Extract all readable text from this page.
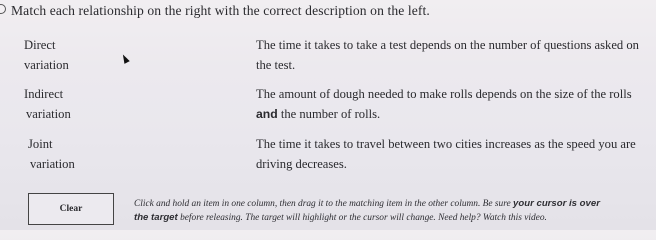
Match each relationship on the right with the correct description on the left.
Direct
variation
Indirect
variation
Joint
variation
The time it takes to take a test depends on the number of questions asked on
the test.
The amount of dough needed to make rolls depends on the size of the rolls
and the number of rolls.
The time it takes to travel between two cities increases as the speed you are
driving decreases.
Clear	Click and hold an item in one column, then drag it to the matching item in the other column. Be sure your cursor is over
the target before releasing. The target will highlight or the cursor will change. Need help? Watch this video.
